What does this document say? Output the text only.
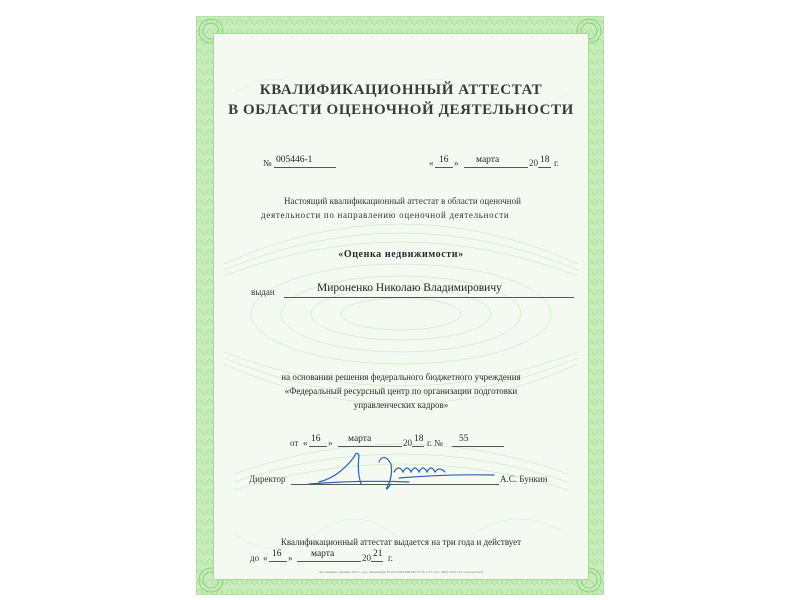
КВАЛИФИКАЦИОННЫЙ АТТЕСТАТ
В ОБЛАСТИ ОЦЕНОЧНОЙ ДЕЯТЕЛЬНОСТИ
№ 005446-1	« 16 » марта	20 18 г.
Настоящий квалификационный аттестат в области оценочной
деятельности по направлению оценочной деятельности
«Оценка недвижимости»
выдан	Мироненко Николаю Владимировичу
на основании решения федерального бюджетного учреждения
«Федеральный ресурсный центр по организации подготовки
управленческих кадров»
от « 16 » марта	20 18 г. № 55
Директор	А.С. Бункин
Квалификационный аттестат выдается на три года и действует
до « 16 » марта	20 21 г.
АО «Опцион», Москва, 2017 г., «А», Лицензия № 05-05-05/003 МФ РФ, ТУ № 1771, Тел.: (495) 726-47-53, www.opcion.ru
